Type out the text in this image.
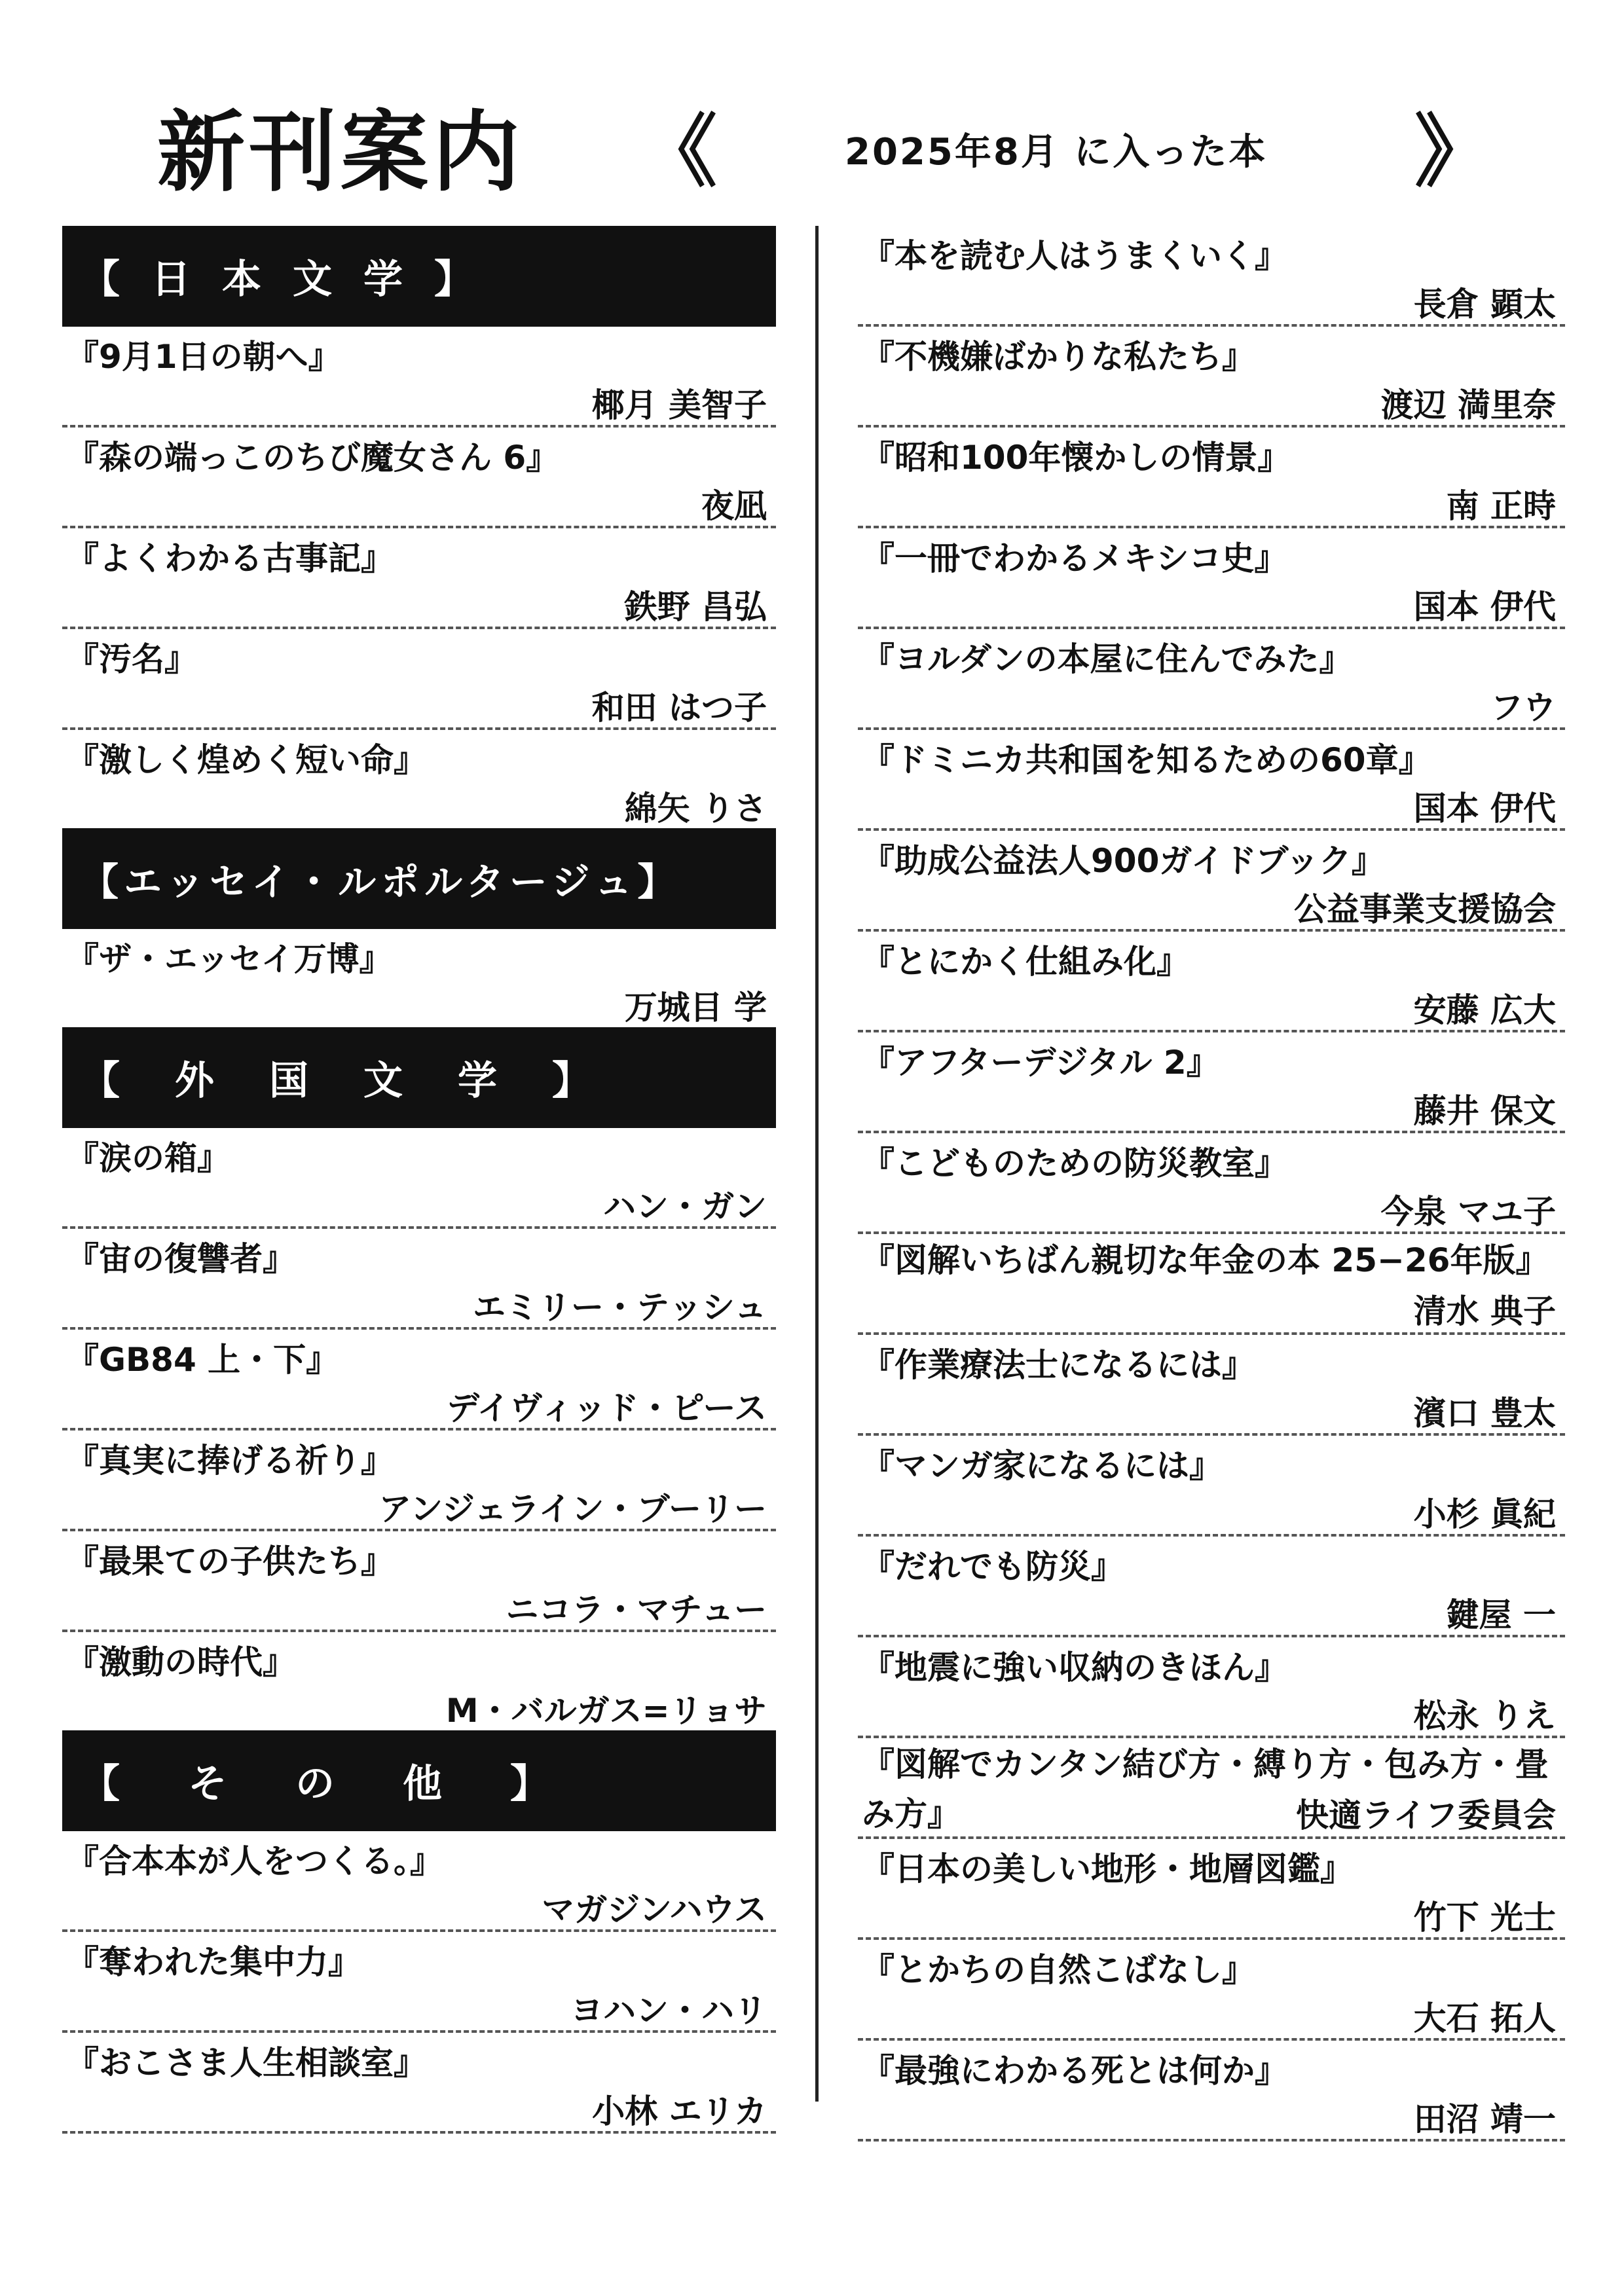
新刊案内 《	2025年8月 に入った本 》
【日本文学】
『9月1日の朝へ』
椰月 美智子
『森の端っこのちび魔女さん 6』
夜凪
『よくわかる古事記』
鉄野 昌弘
『汚名』
和田 はつ子
『激しく煌めく短い命』
綿矢 りさ
【エッセイ・ルポルタージュ】
『ザ・エッセイ万博』
万城目 学
【外国文学】
『涙の箱』
ハン・ガン
『宙の復讐者』
エミリー・テッシュ
『GB84 上・下』
デイヴィッド・ピース
『真実に捧げる祈り』
アンジェライン・ブーリー
『最果ての子供たち』
ニコラ・マチュー
『激動の時代』
M・バルガス=リョサ
【その他】
『合本本が人をつくる。』
マガジンハウス
『奪われた集中力』
ヨハン・ハリ
『おこさま人生相談室』
小林 エリカ
『本を読む人はうまくいく』
長倉 顕太
『不機嫌ばかりな私たち』
渡辺 満里奈
『昭和100年懐かしの情景』
南 正時
『一冊でわかるメキシコ史』
国本 伊代
『ヨルダンの本屋に住んでみた』
フウ
『ドミニカ共和国を知るための60章』
国本 伊代
『助成公益法人900ガイドブック』
公益事業支援協会
『とにかく仕組み化』
安藤 広大
『アフターデジタル 2』
藤井 保文
『こどものための防災教室』
今泉 マユ子
『図解いちばん親切な年金の本 25−26年版』
清水 典子
『作業療法士になるには』
濱口 豊太
『マンガ家になるには』
小杉 眞紀
『だれでも防災』
鍵屋 一
『地震に強い収納のきほん』
松永 りえ
『図解でカンタン結び方・縛り方・包み方・畳み方』	快適ライフ委員会
『日本の美しい地形・地層図鑑』
竹下 光士
『とかちの自然こばなし』
大石 拓人
『最強にわかる死とは何か』
田沼 靖一
